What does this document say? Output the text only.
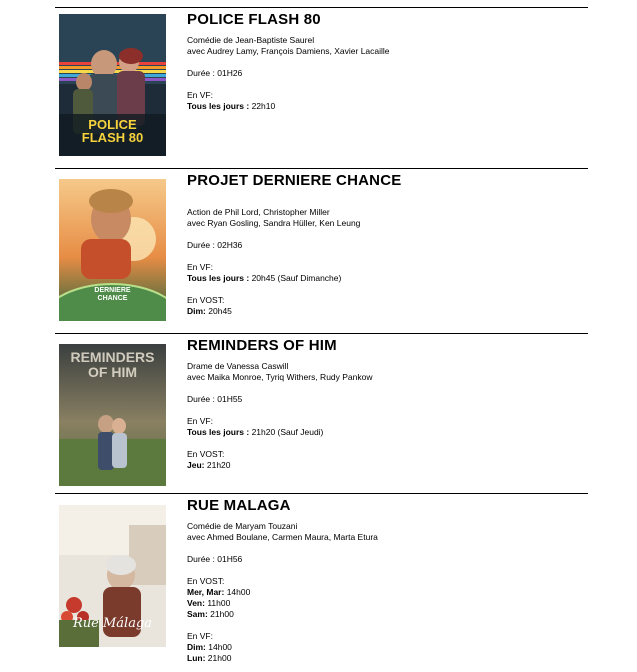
POLICE FLASH 80
POLICE FLASH 80
Comédie de Jean-Baptiste Saurel
avec Audrey Lamy, François Damiens, Xavier Lacaille
Durée : 01H26
En VF:
Tous les jours : 22h10
DERNIERE CHANCE
PROJET DERNIERE CHANCE
Action de Phil Lord, Christopher Miller
avec Ryan Gosling, Sandra Hüller, Ken Leung
Durée : 02H36
En VF:
Tous les jours : 20h45 (Sauf Dimanche)
En VOST:
Dim: 20h45
REMINDERS OF HIM
REMINDERS OF HIM
Drame de Vanessa Caswill
avec Maika Monroe, Tyriq Withers, Rudy Pankow
Durée : 01H55
En VF:
Tous les jours : 21h20 (Sauf Jeudi)
En VOST:
Jeu: 21h20
Rue Málaga
RUE MALAGA
Comédie de Maryam Touzani
avec Ahmed Boulane, Carmen Maura, Marta Etura
Durée : 01H56
En VOST:
Mer, Mar: 14h00
Ven: 11h00
Sam: 21h00
En VF:
Dim: 14h00
Lun: 21h00
